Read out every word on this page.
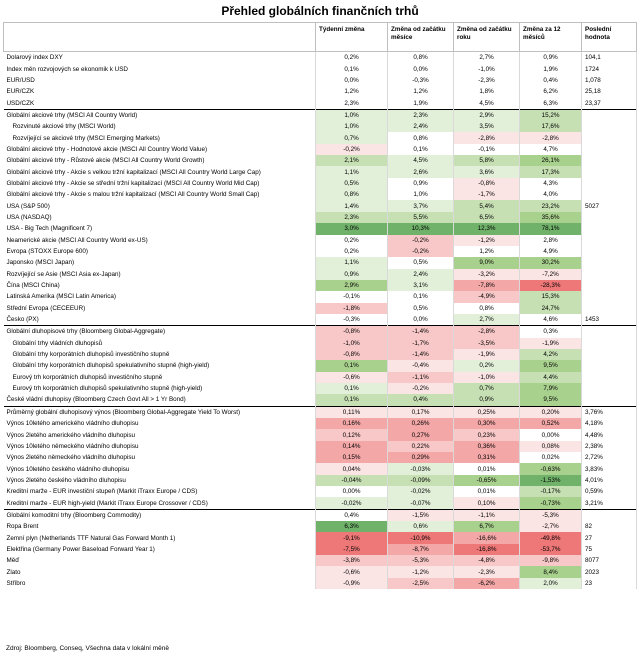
Přehled globálních finančních trhů
	Týdenní změna	Změna od začátku měsíce	Změna od začátku roku	Změna za 12 měsíců	Poslední hodnota
Dolarový index DXY	0,2%	0,8%	2,7%	0,9%	104,1
Index měn rozvojových se ekonomik k USD	0,1%	0,0%	-1,0%	1,9%	1724
EUR/USD	0,0%	-0,3%	-2,3%	0,4%	1,078
EUR/CZK	1,2%	1,2%	1,8%	6,2%	25,18
USD/CZK	2,3%	1,9%	4,5%	6,3%	23,37
Globální akciové trhy (MSCI All Country World)	1,0%	2,3%	2,9%	15,2%	
Rozvinuté akciové trhy (MSCI World)	1,0%	2,4%	3,5%	17,6%	
Rozvíjející se akciové trhy (MSCI Emerging Markets)	0,7%	0,8%	-2,8%	-2,8%	
Globální akciové trhy - Hodnotové akcie (MSCI All Country World Value)	-0,2%	0,1%	-0,1%	4,7%	
Globální akciové trhy - Růstové akcie (MSCI All Country World Growth)	2,1%	4,5%	5,8%	26,1%	
Globální akciové trhy - Akcie s velkou tržní kapitalizací (MSCI All Country World Large Cap)	1,1%	2,6%	3,6%	17,3%	
Globální akciové trhy - Akcie se střední tržní kapitalizací (MSCI All Country World Mid Cap)	0,5%	0,9%	-0,8%	4,3%	
Globální akciové trhy - Akcie s malou tržní kapitalizací (MSCI All Country World Small Cap)	0,8%	1,0%	-1,7%	4,0%	
USA (S&P 500)	1,4%	3,7%	5,4%	23,2%	5027
USA (NASDAQ)	2,3%	5,5%	6,5%	35,6%	
USA - Big Tech (Magnificent 7)	3,0%	10,3%	12,3%	78,1%	
Neamerické akcie (MSCI All Country World ex-US)	0,2%	-0,2%	-1,2%	2,8%	
Evropa (STOXX Europe 600)	0,2%	-0,2%	1,2%	4,9%	
Japonsko (MSCI Japan)	1,1%	0,5%	9,0%	30,2%	
Rozvíjející se Asie (MSCI Asia ex-Japan)	0,9%	2,4%	-3,2%	-7,2%	
Čína (MSCI China)	2,9%	3,1%	-7,8%	-28,3%	
Latinská Amerika (MSCI Latin America)	-0,1%	0,1%	-4,9%	15,3%	
Střední Evropa (CECEEUR)	-1,8%	0,5%	0,8%	24,7%	
Česko (PX)	-0,3%	0,0%	2,7%	4,6%	1453
Globální dluhopisové trhy (Bloomberg Global-Aggregate)	-0,8%	-1,4%	-2,8%	0,3%	
Globální trhy vládních dluhopisů	-1,0%	-1,7%	-3,5%	-1,9%	
Globální trhy korporátních dluhopisů investičního stupně	-0,8%	-1,4%	-1,9%	4,2%	
Globální trhy korporátních dluhopisů spekulativního stupně (high-yield)	0,1%	-0,4%	0,2%	9,5%	
Eurový trh korporátních dluhopisů investičního stupně	-0,6%	-1,1%	-1,0%	4,4%	
Eurový trh korporátních dluhopisů spekulativního stupně (high-yield)	0,1%	-0,2%	0,7%	7,9%	
České vládní dluhopisy (Bloomberg Czech Govt All > 1 Yr Bond)	0,1%	0,4%	0,9%	9,5%	
Průměrný globální dluhopisový výnos (Bloomberg Global-Aggregate Yield To Worst)	0,11%	0,17%	0,25%	0,20%	3,76%
Výnos 10letého amerického vládního dluhopisu	0,16%	0,26%	0,30%	0,52%	4,18%
Výnos 2letého amerického vládního dluhopisu	0,12%	0,27%	0,23%	0,00%	4,48%
Výnos 10letého německého vládního dluhopisu	0,14%	0,22%	0,36%	0,08%	2,38%
Výnos 2letého německého vládního dluhopisu	0,15%	0,29%	0,31%	0,02%	2,72%
Výnos 10letého českého vládního dluhopisu	0,04%	-0,03%	0,01%	-0,63%	3,83%
Výnos 2letého českého vládního dluhopisu	-0,04%	-0,09%	-0,65%	-1,53%	4,01%
Kreditní marže - EUR investiční stupeň (Markit iTraxx Europe / CDS)	0,00%	-0,02%	0,01%	-0,17%	0,59%
Kreditní marže - EUR high-yield (Markit iTraxx Europe Crossover / CDS)	-0,02%	-0,07%	0,10%	-0,73%	3,21%
Globální komoditní trhy (Bloomberg Commodity)	0,4%	-1,5%	-1,1%	-5,3%	
Ropa Brent	6,3%	0,6%	6,7%	-2,7%	82
Zemní plyn (Netherlands TTF Natural Gas Forward Month 1)	-9,1%	-10,9%	-16,6%	-49,8%	27
Elektřina (Germany Power Baseload Forward Year 1)	-7,5%	-8,7%	-16,8%	-53,7%	75
Měď	-3,8%	-5,3%	-4,8%	-9,8%	8077
Zlato	-0,6%	-1,2%	-2,3%	8,4%	2023
Stříbro	-0,9%	-2,5%	-6,2%	2,0%	23
Zdroj: Bloomberg, Conseq, Všechna data v lokální měně
